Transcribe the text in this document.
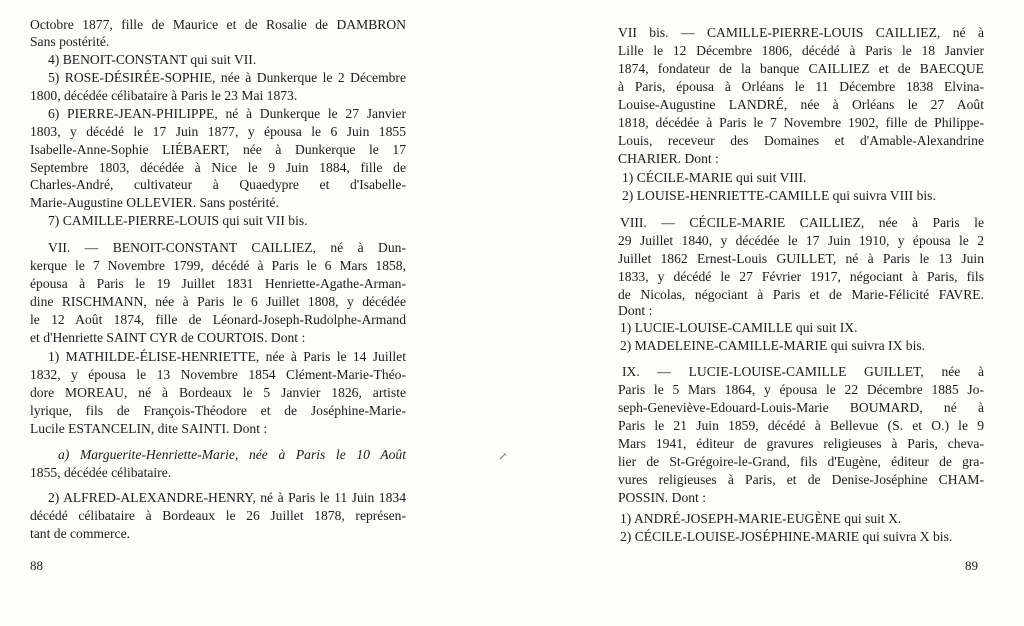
Octobre 1877, fille de Maurice et de Rosalie de DAMBRON
Sans postérité.
4) BENOIT-CONSTANT qui suit VII.
5) ROSE-DÉSIRÉE-SOPHIE, née à Dunkerque le 2 Décembre
1800, décédée célibataire à Paris le 23 Mai 1873.
6) PIERRE-JEAN-PHILIPPE, né à Dunkerque le 27 Janvier
1803, y décédé le 17 Juin 1877, y épousa le 6 Juin 1855
Isabelle-Anne-Sophie LIÉBAERT, née à Dunkerque le 17
Septembre 1803, décédée à Nice le 9 Juin 1884, fille de
Charles-André, cultivateur à Quaedypre et d'Isabelle-
Marie-Augustine OLLEVIER. Sans postérité.
7) CAMILLE-PIERRE-LOUIS qui suit VII bis.
VII. — BENOIT-CONSTANT CAILLIEZ, né à Dun-
kerque le 7 Novembre 1799, décédé à Paris le 6 Mars 1858,
épousa à Paris le 19 Juillet 1831 Henriette-Agathe-Arman-
dine RISCHMANN, née à Paris le 6 Juillet 1808, y décédée
le 12 Août 1874, fille de Léonard-Joseph-Rudolphe-Armand
et d'Henriette SAINT CYR de COURTOIS. Dont :
1) MATHILDE-ÉLISE-HENRIETTE, née à Paris le 14 Juillet
1832, y épousa le 13 Novembre 1854 Clément-Marie-Théo-
dore MOREAU, né à Bordeaux le 5 Janvier 1826, artiste
lyrique, fils de François-Théodore et de Joséphine-Marie-
Lucile ESTANCELIN, dite SAINTI. Dont :
a) Marguerite-Henriette-Marie, née à Paris le 10 Août
1855, décédée célibataire.
2) ALFRED-ALEXANDRE-HENRY, né à Paris le 11 Juin 1834
décédé célibataire à Bordeaux le 26 Juillet 1878, représen-
tant de commerce.
88
↗
VII bis. — CAMILLE-PIERRE-LOUIS CAILLIEZ, né à
Lille le 12 Décembre 1806, décédé à Paris le 18 Janvier
1874, fondateur de la banque CAILLIEZ et de BAECQUE
à Paris, épousa à Orléans le 11 Décembre 1838 Elvina-
Louise-Augustine LANDRÉ, née à Orléans le 27 Août
1818, décédée à Paris le 7 Novembre 1902, fille de Philippe-
Louis, receveur des Domaines et d'Amable-Alexandrine
CHARIER. Dont :
1) CÉCILE-MARIE qui suit VIII.
2) LOUISE-HENRIETTE-CAMILLE qui suivra VIII bis.
VIII. — CÉCILE-MARIE CAILLIEZ, née à Paris le
29 Juillet 1840, y décédée le 17 Juin 1910, y épousa le 2
Juillet 1862 Ernest-Louis GUILLET, né à Paris le 13 Juin
1833, y décédé le 27 Février 1917, négociant à Paris, fils
de Nicolas, négociant à Paris et de Marie-Félicité FAVRE.
Dont :
1) LUCIE-LOUISE-CAMILLE qui suit IX.
2) MADELEINE-CAMILLE-MARIE qui suivra IX bis.
IX. — LUCIE-LOUISE-CAMILLE GUILLET, née à
Paris le 5 Mars 1864, y épousa le 22 Décembre 1885 Jo-
seph-Geneviève-Edouard-Louis-Marie BOUMARD, né à
Paris le 21 Juin 1859, décédé à Bellevue (S. et O.) le 9
Mars 1941, éditeur de gravures religieuses à Paris, cheva-
lier de St-Grégoire-le-Grand, fils d'Eugène, éditeur de gra-
vures religieuses à Paris, et de Denise-Joséphine CHAM-
POSSIN. Dont :
1) ANDRÉ-JOSEPH-MARIE-EUGÈNE qui suit X.
2) CÉCILE-LOUISE-JOSÉPHINE-MARIE qui suivra X bis.
89
